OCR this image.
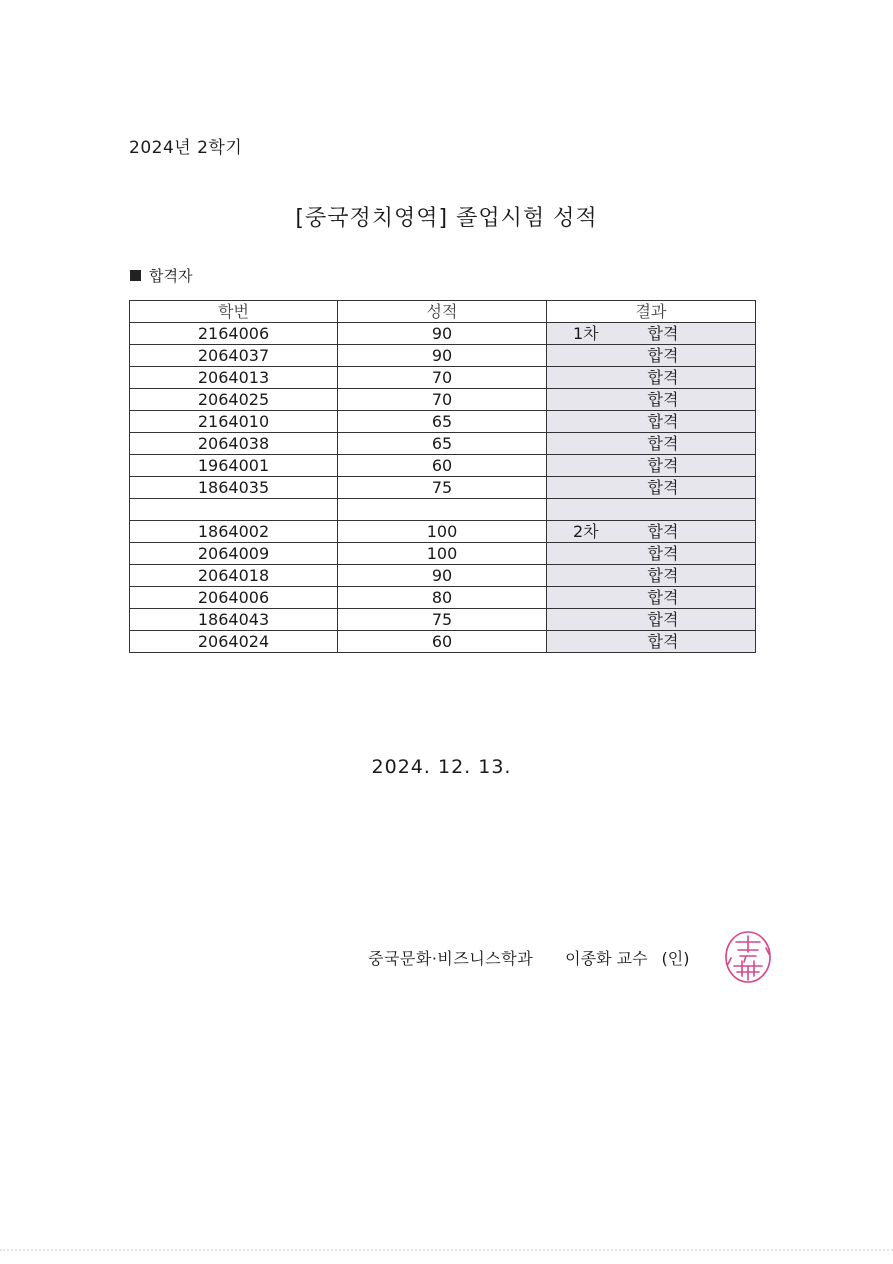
2024년 2학기
[중국정치영역] 졸업시험 성적
합격자
학번	성적	결과
2164006	90	1차 합격
2064037	90	합격
2064013	70	합격
2064025	70	합격
2164010	65	합격
2064038	65	합격
1964001	60	합격
1864035	75	합격

1864002	100	2차 합격
2064009	100	합격
2064018	90	합격
2064006	80	합격
1864043	75	합격
2064024	60	합격
2024. 12. 13.
중국문화·비즈니스학과 이종화 교수 (인)
